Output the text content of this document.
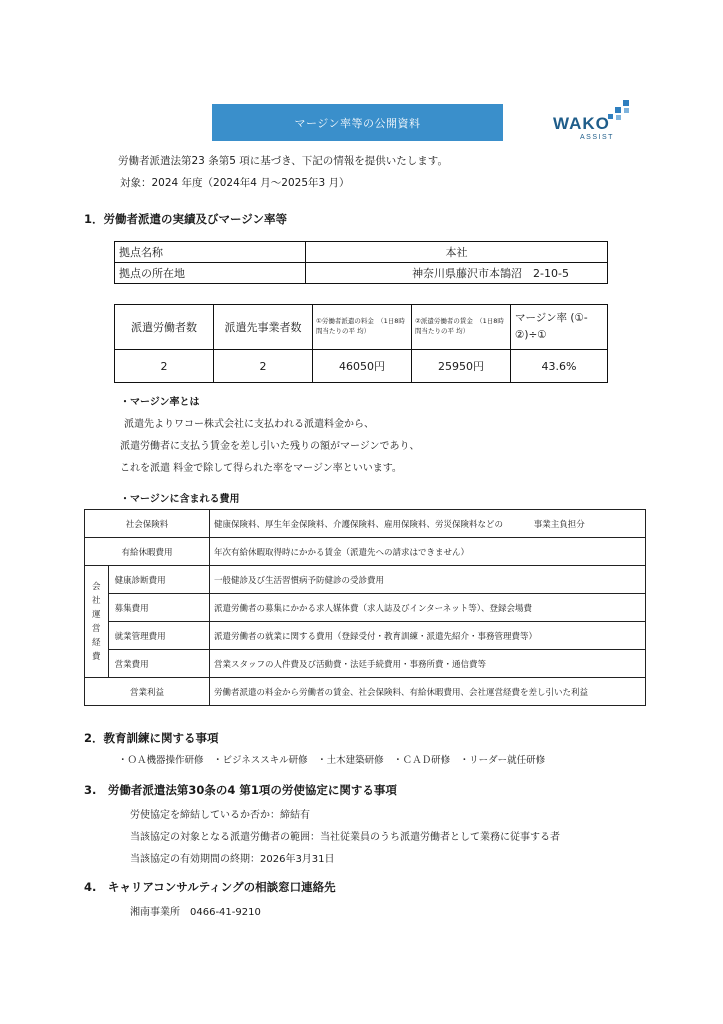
マージン率等の公開資料	WAKO
ASSIST
労働者派遣法第23 条第5 項に基づき、下記の情報を提供いたします。
対象：2024 年度（2024年4 月～2025年3 月）
1．労働者派遣の実績及びマージン率等
拠点名称	本社
拠点の所在地	神奈川県藤沢市本鵠沼　2-10-5
派遣労働者数	派遣先事業者数	①労働者派遣の料金　（1日8時間当たりの平 均）	②派遣労働者の賃金　（1日8時間当たりの平 均）	マージン率 (①-②)÷①
2	2	46050円	25950円	43.6%
・マージン率とは
派遣先よりワコー株式会社に支払われる派遣料金から、
派遣労働者に支払う賃金を差し引いた残りの額がマージンであり、
これを派遣 料金で除して得られた率をマージン率といいます。
・マージンに含まれる費用
社会保険料		健康保険料、厚生年金保険料、介護保険料、雇用保険料、労災保険料などの 事業主負担分
有給休暇費用		年次有給休暇取得時にかかる賃金（派遣先への請求はできません）
会社運営経費	健康診断費用	一般健診及び生活習慣病予防健診の受診費用
	募集費用	派遣労働者の募集にかかる求人媒体費（求人誌及びインターネット等）、登録会場費
	就業管理費用	派遣労働者の就業に関する費用（登録受付・教育訓練・派遣先紹介・事務管理費等）
	営業費用	営業スタッフの人件費及び活動費・法廷手続費用・事務所費・通信費等
営業利益		労働者派遣の料金から労働者の賃金、社会保険料、有給休暇費用、会社運営経費を差し引いた利益
2．教育訓練に関する事項
・ＯＡ機器操作研修　・ビジネススキル研修　・土木建築研修　・ＣＡＤ研修　・リーダー就任研修
3.　労働者派遣法第30条の4 第1項の労使協定に関する事項
労使協定を締結しているか否か：締結有
当該協定の対象となる派遣労働者の範囲：当社従業員のうち派遣労働者として業務に従事する者
当該協定の有効期間の終期：2026年3月31日
4.　キャリアコンサルティングの相談窓口連絡先
湘南事業所　0466-41-9210
